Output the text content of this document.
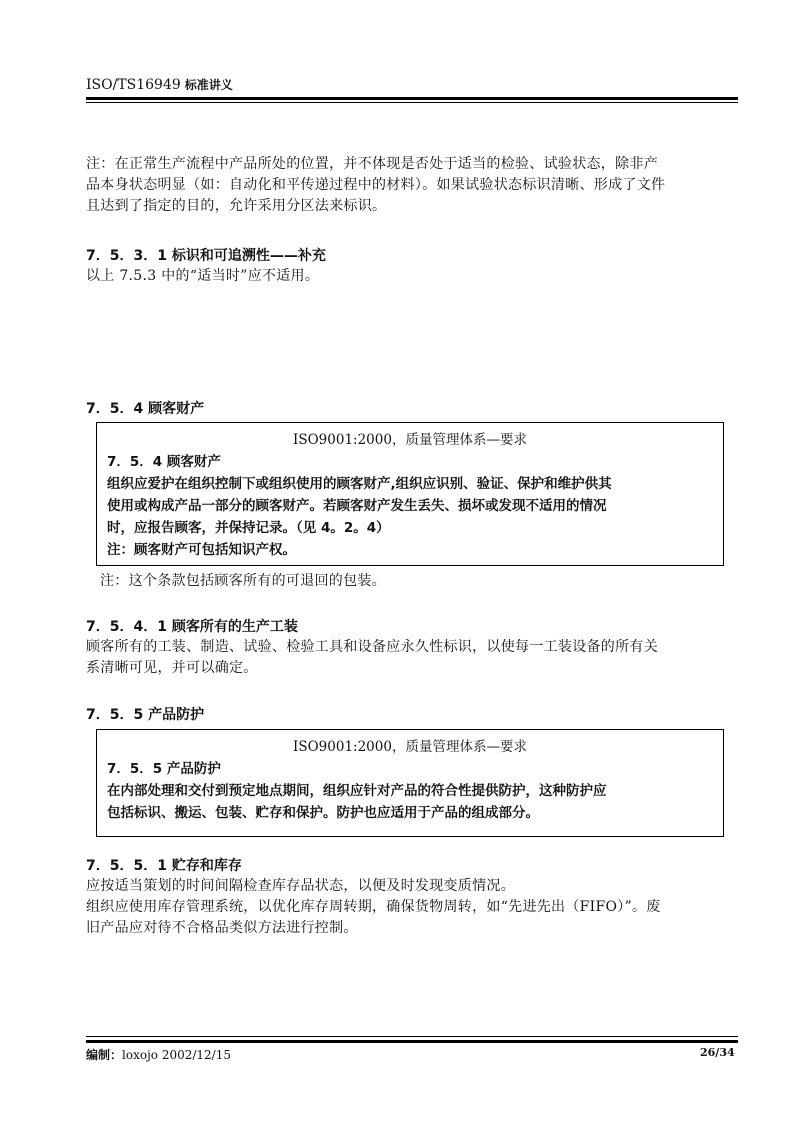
ISO/TS16949 标准讲义
注：在正常生产流程中产品所处的位置，并不体现是否处于适当的检验、试验状态，除非产
品本身状态明显（如：自动化和平传递过程中的材料）。如果试验状态标识清晰、形成了文件
且达到了指定的目的，允许采用分区法来标识。
7．5．3．1 标识和可追溯性——补充
以上 7.5.3 中的“适当时”应不适用。
7．5．4 顾客财产
ISO9001:2000，质量管理体系—要求
7．5．4 顾客财产
组织应爱护在组织控制下或组织使用的顾客财产,组织应识别、验证、保护和维护供其
使用或构成产品一部分的顾客财产。若顾客财产发生丢失、损坏或发现不适用的情况
时，应报告顾客，并保持记录。（见 4。2。4）
注：顾客财产可包括知识产权。
注：这个条款包括顾客所有的可退回的包装。
7．5．4．1 顾客所有的生产工装
顾客所有的工装、制造、试验、检验工具和设备应永久性标识，以使每一工装设备的所有关
系清晰可见，并可以确定。
7．5．5 产品防护
ISO9001:2000，质量管理体系—要求
7．5．5 产品防护
在内部处理和交付到预定地点期间，组织应针对产品的符合性提供防护，这种防护应
包括标识、搬运、包装、贮存和保护。防护也应适用于产品的组成部分。
7．5．5．1 贮存和库存
应按适当策划的时间间隔检查库存品状态，以便及时发现变质情况。
组织应使用库存管理系统，以优化库存周转期，确保货物周转，如“先进先出（FIFO）”。废
旧产品应对待不合格品类似方法进行控制。
编制：loxojo 2002/12/15	26/34
